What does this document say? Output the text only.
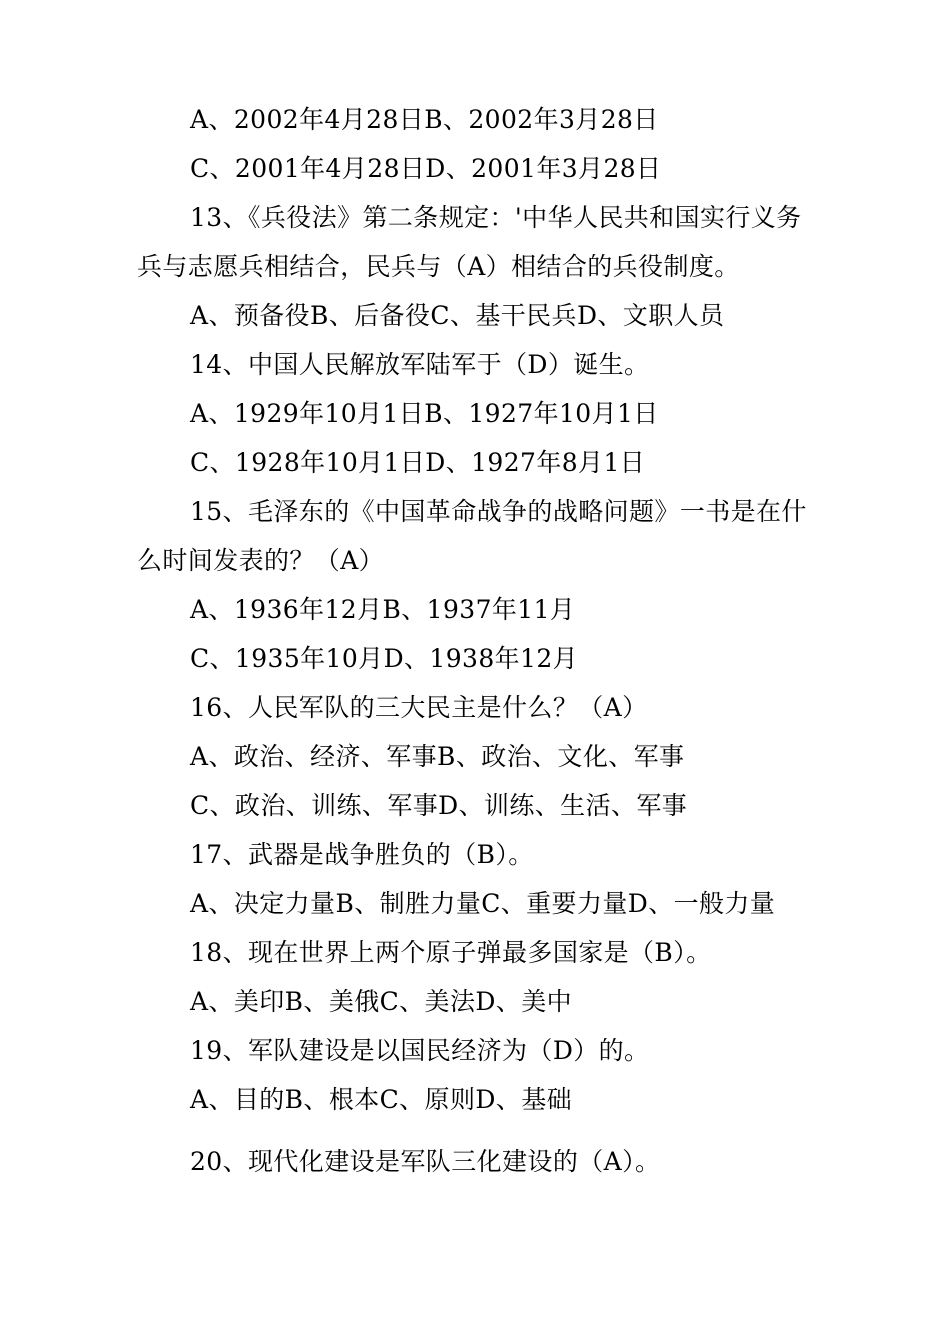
A、2002年4月28日B、2002年3月28日
C、2001年4月28日D、2001年3月28日
13、《兵役法》第二条规定：'中华人民共和国实行义务
兵与志愿兵相结合，民兵与（A）相结合的兵役制度。
A、预备役B、后备役C、基干民兵D、文职人员
14、中国人民解放军陆军于（D）诞生。
A、1929年10月1日B、1927年10月1日
C、1928年10月1日D、1927年8月1日
15、毛泽东的《中国革命战争的战略问题》一书是在什
么时间发表的？（A）
A、1936年12月B、1937年11月
C、1935年10月D、1938年12月
16、人民军队的三大民主是什么？（A）
A、政治、经济、军事B、政治、文化、军事
C、政治、训练、军事D、训练、生活、军事
17、武器是战争胜负的（B）。
A、决定力量B、制胜力量C、重要力量D、一般力量
18、现在世界上两个原子弹最多国家是（B）。
A、美印B、美俄C、美法D、美中
19、军队建设是以国民经济为（D）的。
A、目的B、根本C、原则D、基础
20、现代化建设是军队三化建设的（A）。
